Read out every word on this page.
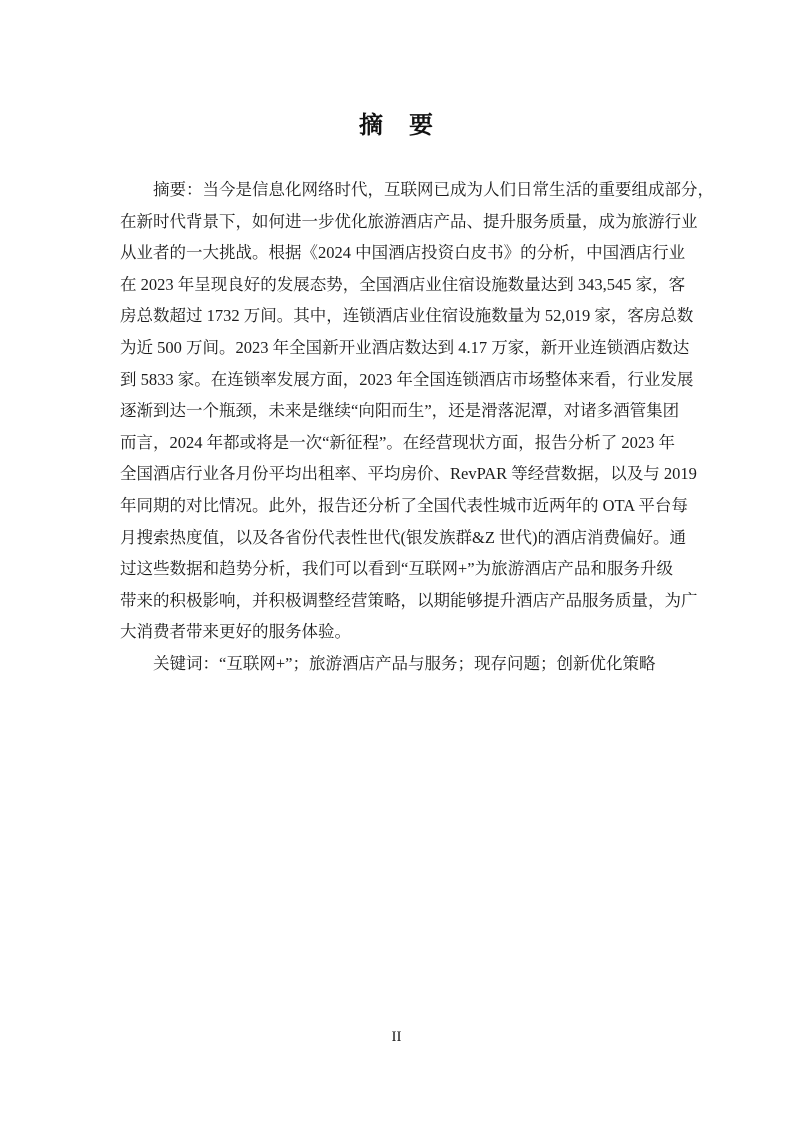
摘　要
摘要：当今是信息化网络时代，互联网已成为人们日常生活的重要组成部分，
在新时代背景下，如何进一步优化旅游酒店产品、提升服务质量，成为旅游行业
从业者的一大挑战。根据《2024 中国酒店投资白皮书》的分析，中国酒店行业
在 2023 年呈现良好的发展态势，全国酒店业住宿设施数量达到 343,545 家，客
房总数超过 1732 万间。其中，连锁酒店业住宿设施数量为 52,019 家，客房总数
为近 500 万间。2023 年全国新开业酒店数达到 4.17 万家，新开业连锁酒店数达
到 5833 家。在连锁率发展方面，2023 年全国连锁酒店市场整体来看，行业发展
逐渐到达一个瓶颈，未来是继续“向阳而生”，还是滑落泥潭，对诸多酒管集团
而言，2024 年都或将是一次“新征程”。在经营现状方面，报告分析了 2023 年
全国酒店行业各月份平均出租率、平均房价、RevPAR 等经营数据，以及与 2019
年同期的对比情况。此外，报告还分析了全国代表性城市近两年的 OTA 平台每
月搜索热度值，以及各省份代表性世代(银发族群&Z 世代)的酒店消费偏好。通
过这些数据和趋势分析，我们可以看到“互联网+”为旅游酒店产品和服务升级
带来的积极影响，并积极调整经营策略，以期能够提升酒店产品服务质量，为广
大消费者带来更好的服务体验。
关键词：“互联网+”；旅游酒店产品与服务；现存问题；创新优化策略
II
